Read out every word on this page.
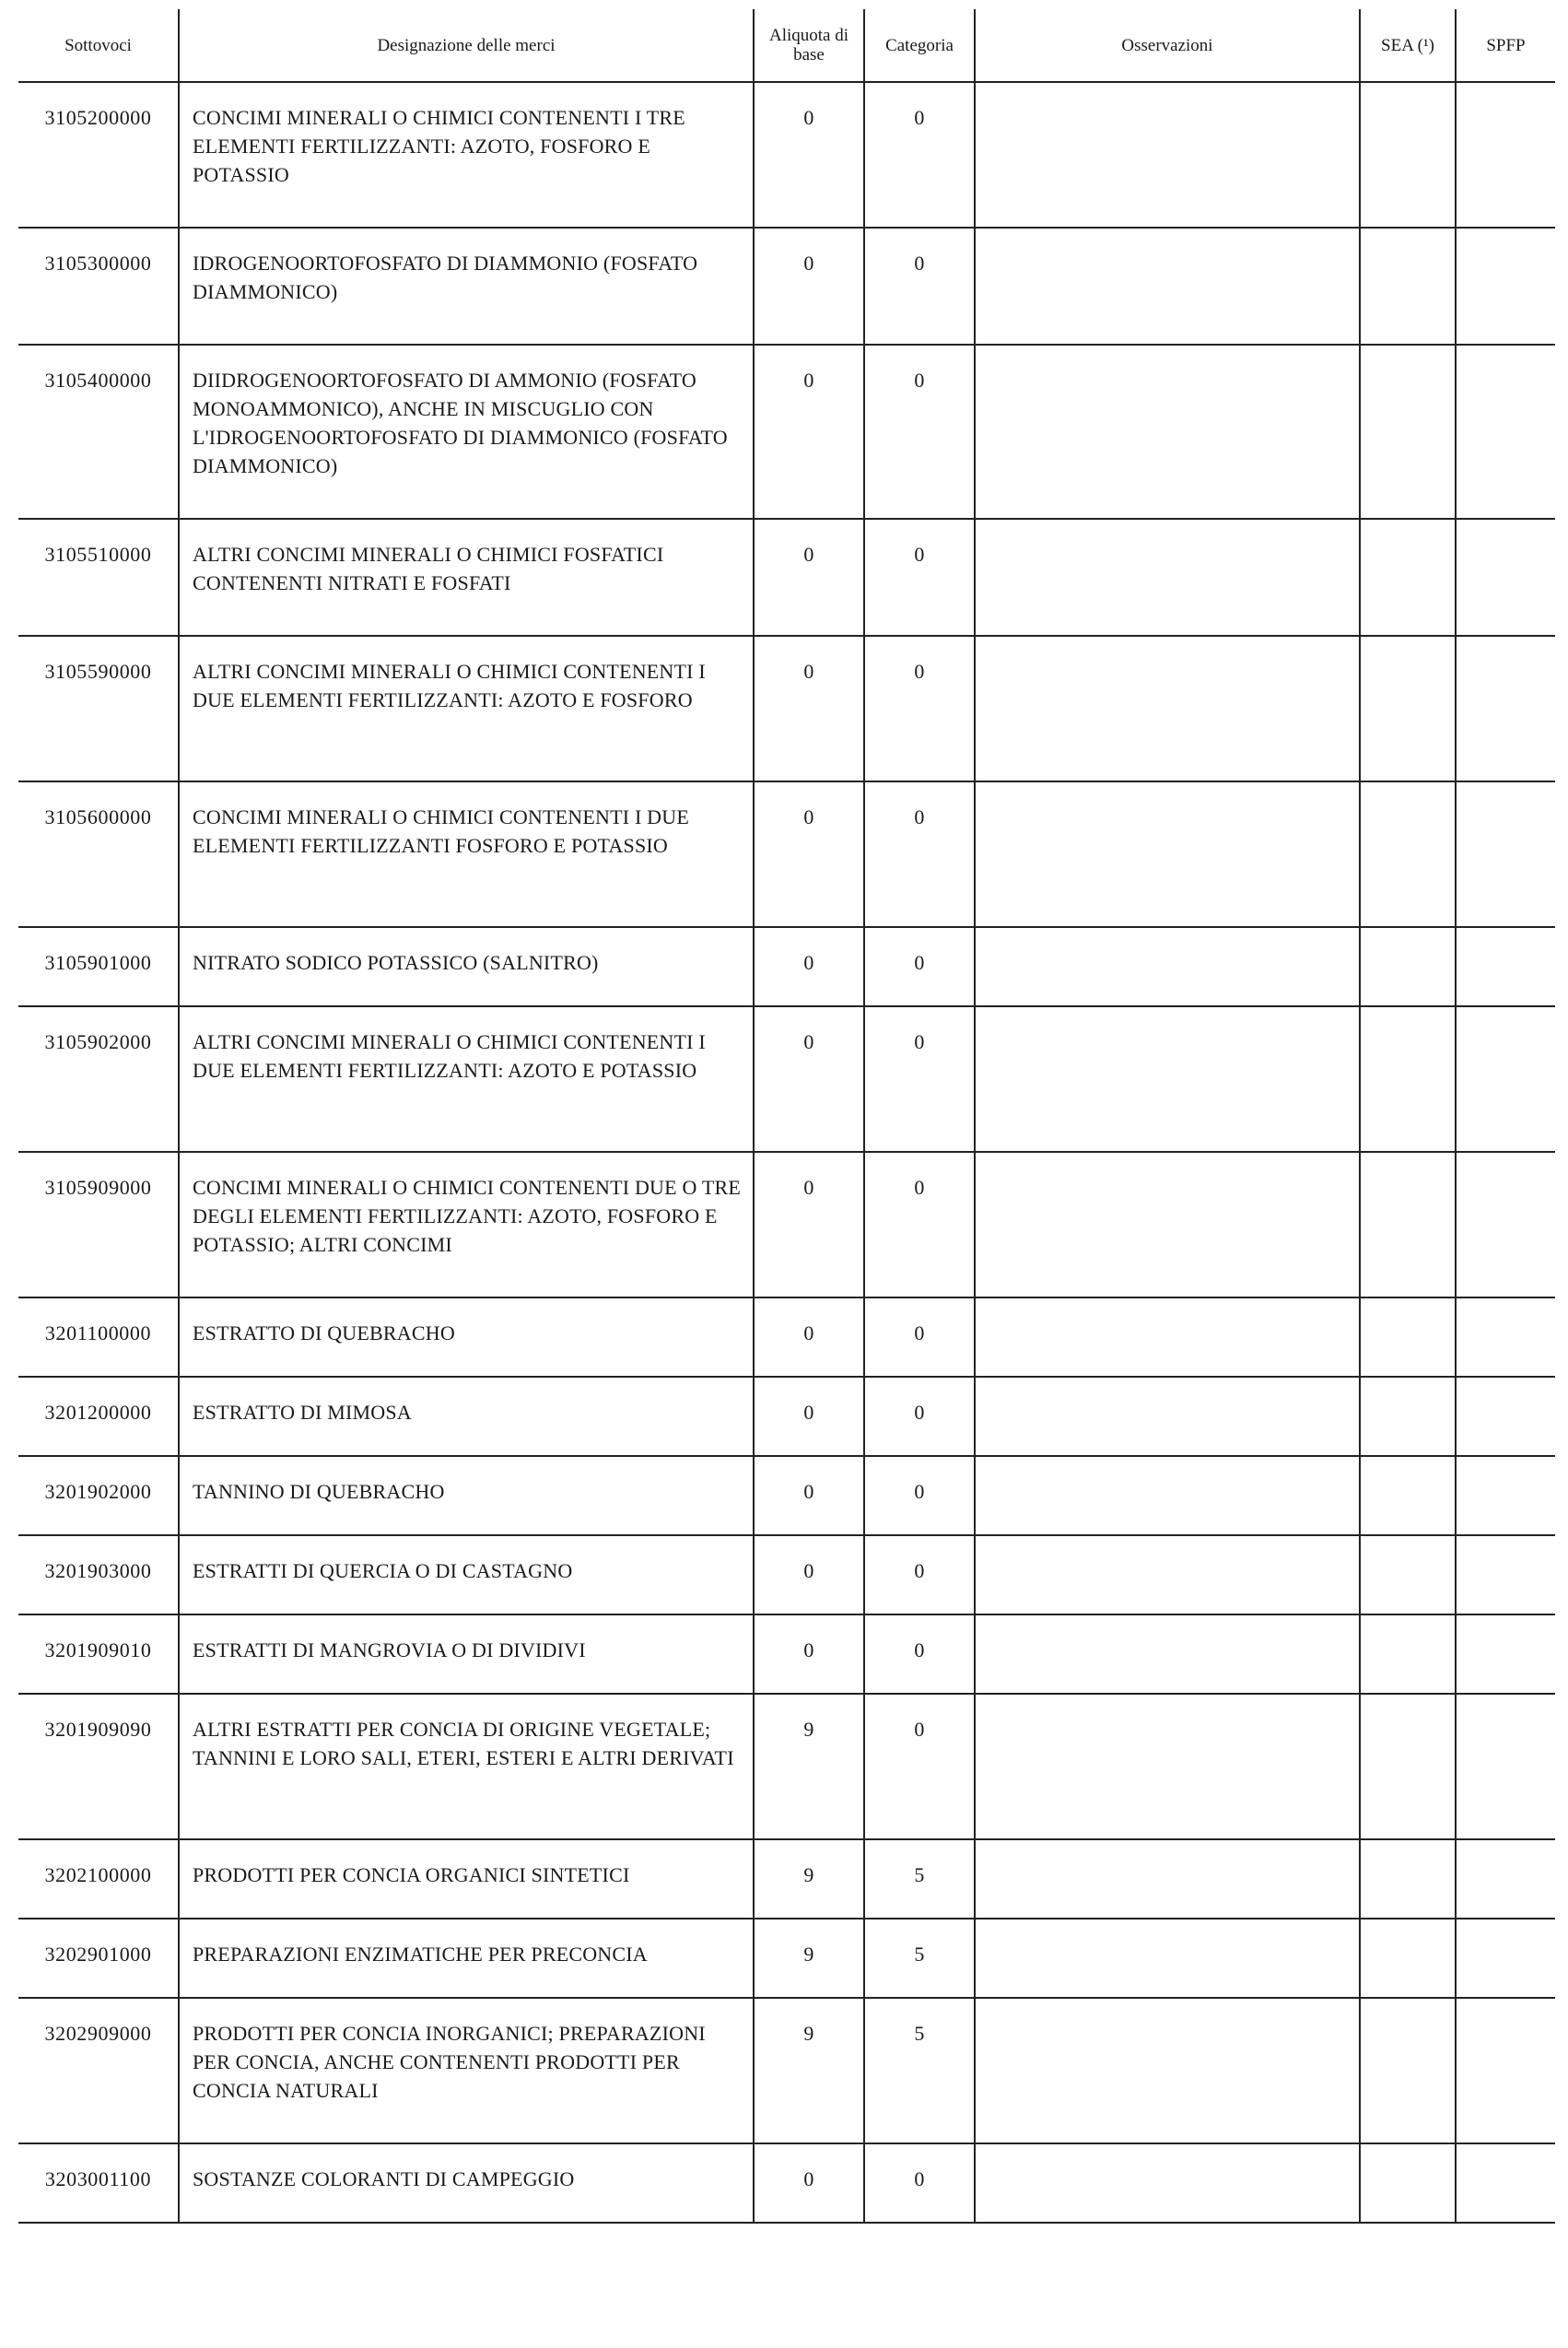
Sottovoci	Designazione delle merci	Aliquota di base	Categoria	Osservazioni	SEA (¹)	SPFP
3105200000	CONCIMI MINERALI O CHIMICI CONTENENTI I TRE ELEMENTI FERTILIZZANTI: AZOTO, FOSFORO E POTASSIO	0	0			
3105300000	IDROGENOORTOFOSFATO DI DIAMMONIO (FOSFATO DIAMMONICO)	0	0			
3105400000	DIIDROGENOORTOFOSFATO DI AMMONIO (FOSFATO MONOAMMONICO), ANCHE IN MISCUGLIO CON L'IDROGENOORTOFOSFATO DI DIAMMONICO (FOSFATO DIAMMONICO)	0	0			
3105510000	ALTRI CONCIMI MINERALI O CHIMICI FOSFATICI CONTENENTI NITRATI E FOSFATI	0	0			
3105590000	ALTRI CONCIMI MINERALI O CHIMICI CONTENENTI I DUE ELEMENTI FERTILIZZANTI: AZOTO E FOSFORO	0	0			
3105600000	CONCIMI MINERALI O CHIMICI CONTENENTI I DUE ELEMENTI FERTILIZZANTI FOSFORO E POTASSIO	0	0			
3105901000	NITRATO SODICO POTASSICO (SALNITRO)	0	0			
3105902000	ALTRI CONCIMI MINERALI O CHIMICI CONTENENTI I DUE ELEMENTI FERTILIZZANTI: AZOTO E POTASSIO	0	0			
3105909000	CONCIMI MINERALI O CHIMICI CONTENENTI DUE O TRE DEGLI ELEMENTI FERTILIZZANTI: AZOTO, FOSFORO E POTASSIO; ALTRI CONCIMI	0	0			
3201100000	ESTRATTO DI QUEBRACHO	0	0			
3201200000	ESTRATTO DI MIMOSA	0	0			
3201902000	TANNINO DI QUEBRACHO	0	0			
3201903000	ESTRATTI DI QUERCIA O DI CASTAGNO	0	0			
3201909010	ESTRATTI DI MANGROVIA O DI DIVIDIVI	0	0			
3201909090	ALTRI ESTRATTI PER CONCIA DI ORIGINE VEGETALE; TANNINI E LORO SALI, ETERI, ESTERI E ALTRI DERIVATI	9	0			
3202100000	PRODOTTI PER CONCIA ORGANICI SINTETICI	9	5			
3202901000	PREPARAZIONI ENZIMATICHE PER PRECONCIA	9	5			
3202909000	PRODOTTI PER CONCIA INORGANICI; PREPARAZIONI PER CONCIA, ANCHE CONTENENTI PRODOTTI PER CONCIA NATURALI	9	5			
3203001100	SOSTANZE COLORANTI DI CAMPEGGIO	0	0			
